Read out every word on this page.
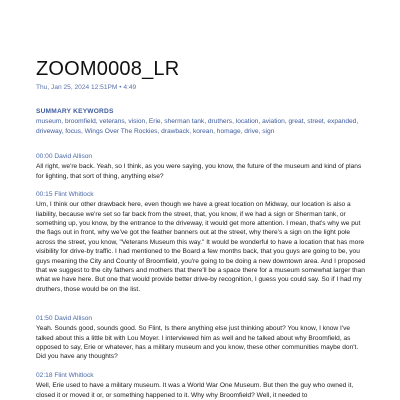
ZOOM0008_LR
Thu, Jan 25, 2024 12:51PM • 4:49
SUMMARY KEYWORDS
museum, broomfield, veterans, vision, Erie, sherman tank, druthers, location, aviation, great, street, expanded, driveway, focus, Wings Over The Rockies, drawback, korean, homage, drive, sign
00:00 David Allison
All right, we're back. Yeah, so I think, as you were saying, you know, the future of the museum and kind of plans for lighting, that sort of thing, anything else?
00:15 Flint Whitlock
Um, I think our other drawback here, even though we have a great location on Midway, our location is also a liability, because we're set so far back from the street, that, you know, if we had a sign or Sherman tank, or something up, you know, by the entrance to the driveway, it would get more attention. I mean, that's why we put the flags out in front, why we've got the feather banners out at the street, why there's a sign on the light pole across the street, you know, "Veterans Museum this way." It would be wonderful to have a location that has more visibility for drive-by traffic. I had mentioned to the Board a few months back, that you guys are going to be, you guys meaning the City and County of Broomfield, you're going to be doing a new downtown area. And I proposed that we suggest to the city fathers and mothers that there'll be a space there for a museum somewhat larger than what we have here. But one that would provide better drive-by recognition, I guess you could say. So if I had my druthers, those would be on the list.
01:50 David Allison
Yeah. Sounds good, sounds good. So Flint, Is there anything else just thinking about? You know, I know I've talked about this a little bit with Lou Moyer. I interviewed him as well and he talked about why Broomfield, as opposed to say, Erie or whatever, has a military museum and you know, these other communities maybe don't. Did you have any thoughts?
02:18 Flint Whitlock
Well, Erie used to have a military museum. It was a World War One Museum. But then the guy who owned it, closed it or moved it or, or something happened to it. Why why Broomfield? Well, it needed to
